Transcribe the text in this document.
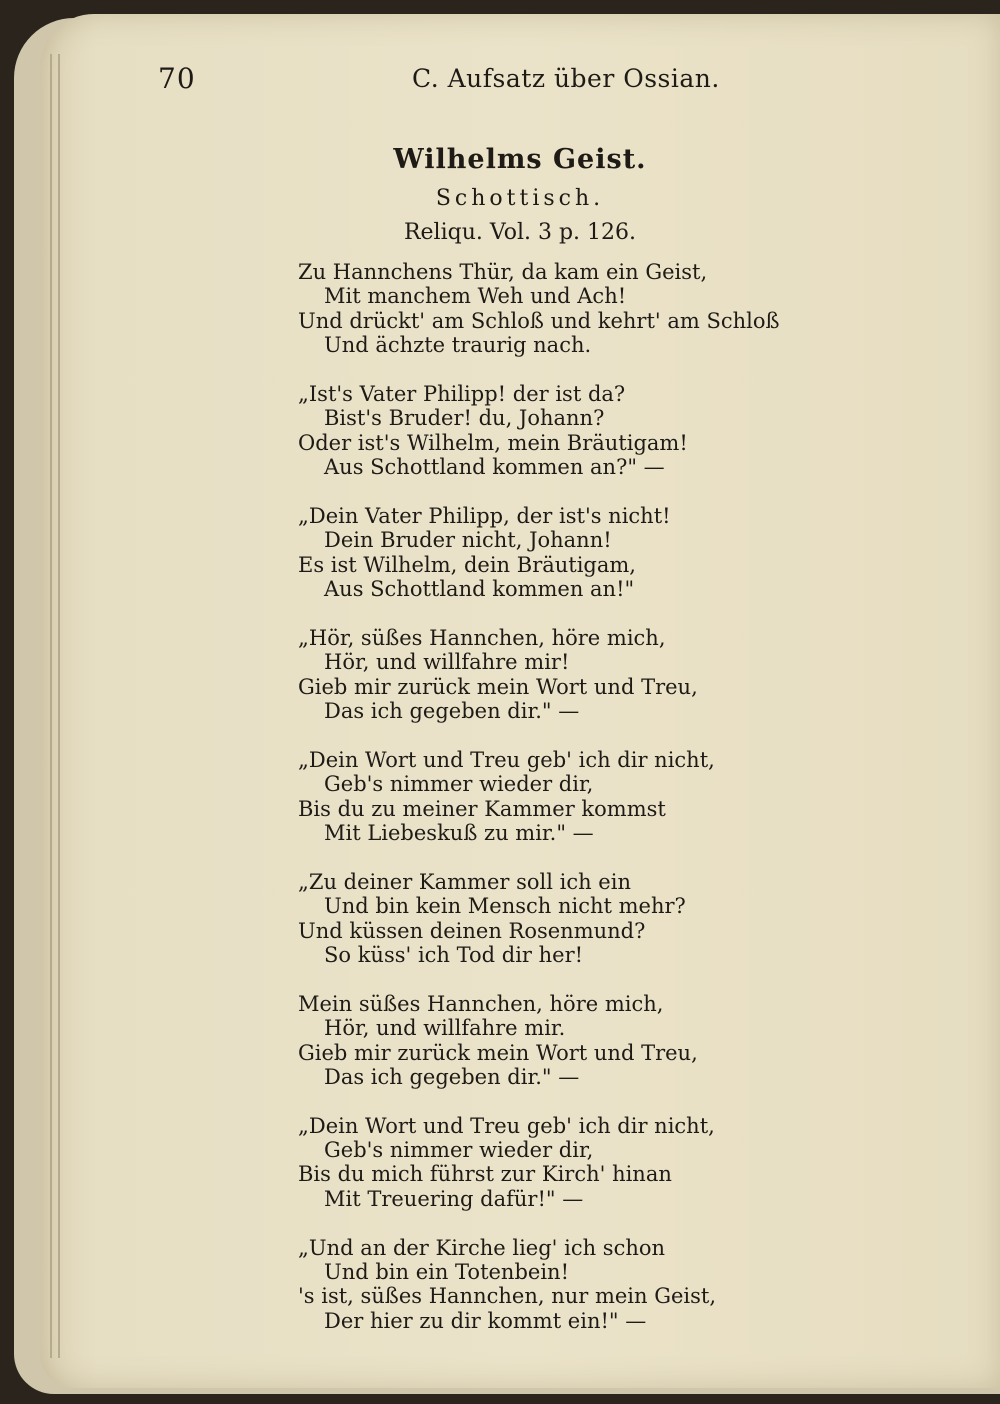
70	C. Aufsatz über Ossian.
Wilhelms Geist.
Schottisch.
Reliqu. Vol. 3 p. 126.
Zu Hannchens Thür, da kam ein Geist,
Mit manchem Weh und Ach!
Und drückt' am Schloß und kehrt' am Schloß
Und ächzte traurig nach.
„Ist's Vater Philipp! der ist da?
Bist's Bruder! du, Johann?
Oder ist's Wilhelm, mein Bräutigam!
Aus Schottland kommen an?" —
„Dein Vater Philipp, der ist's nicht!
Dein Bruder nicht, Johann!
Es ist Wilhelm, dein Bräutigam,
Aus Schottland kommen an!"
„Hör, süßes Hannchen, höre mich,
Hör, und willfahre mir!
Gieb mir zurück mein Wort und Treu,
Das ich gegeben dir." —
„Dein Wort und Treu geb' ich dir nicht,
Geb's nimmer wieder dir,
Bis du zu meiner Kammer kommst
Mit Liebeskuß zu mir." —
„Zu deiner Kammer soll ich ein
Und bin kein Mensch nicht mehr?
Und küssen deinen Rosenmund?
So küss' ich Tod dir her!
Mein süßes Hannchen, höre mich,
Hör, und willfahre mir.
Gieb mir zurück mein Wort und Treu,
Das ich gegeben dir." —
„Dein Wort und Treu geb' ich dir nicht,
Geb's nimmer wieder dir,
Bis du mich führst zur Kirch' hinan
Mit Treuering dafür!" —
„Und an der Kirche lieg' ich schon
Und bin ein Totenbein!
's ist, süßes Hannchen, nur mein Geist,
Der hier zu dir kommt ein!" —
